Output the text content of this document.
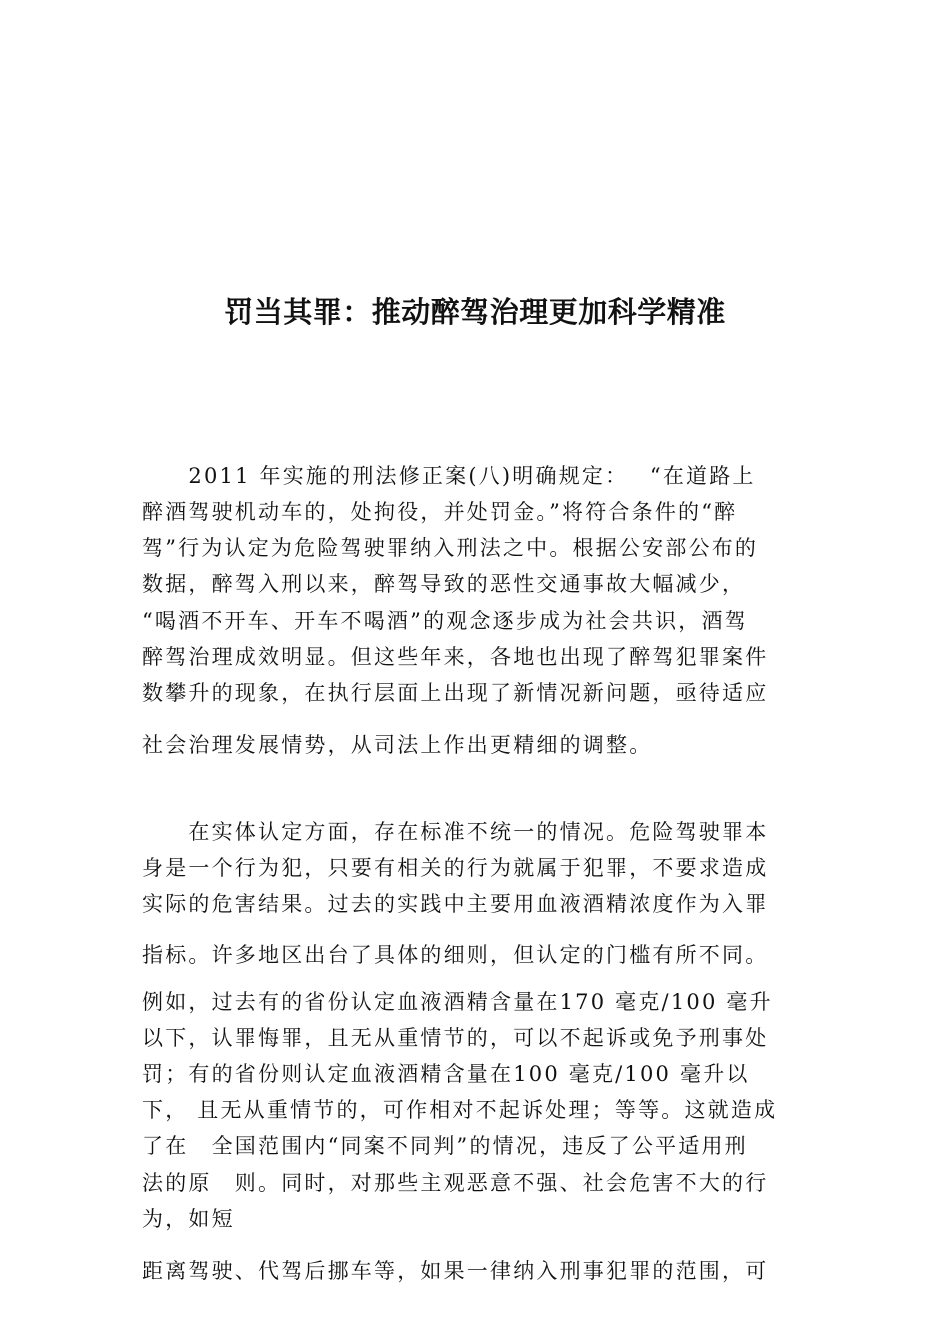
罚当其罪：推动醉驾治理更加科学精准
　　2011 年实施的刑法修正案(八)明确规定：　 “在道路上
醉酒驾驶机动车的，处拘役，并处罚金。”将符合条件的“醉
驾”行为认定为危险驾驶罪纳入刑法之中。根据公安部公布的
数据，醉驾入刑以来，醉驾导致的恶性交通事故大幅减少，
“喝酒不开车、开车不喝酒”的观念逐步成为社会共识，酒驾
醉驾治理成效明显。但这些年来，各地也出现了醉驾犯罪案件
数攀升的现象，在执行层面上出现了新情况新问题，亟待适应
社会治理发展情势，从司法上作出更精细的调整。
　　在实体认定方面，存在标准不统一的情况。危险驾驶罪本
身是一个行为犯，只要有相关的行为就属于犯罪，不要求造成
实际的危害结果。过去的实践中主要用血液酒精浓度作为入罪
指标。许多地区出台了具体的细则，但认定的门槛有所不同。
例如，过去有的省份认定血液酒精含量在170 毫克/100 毫升
以下，认罪悔罪，且无从重情节的，可以不起诉或免予刑事处
罚；有的省份则认定血液酒精含量在100 毫克/100 毫升以
下， 且无从重情节的，可作相对不起诉处理；等等。这就造成
了在　全国范围内“同案不同判”的情况，违反了公平适用刑
法的原　则。同时，对那些主观恶意不强、社会危害不大的行
为，如短
距离驾驶、代驾后挪车等，如果一律纳入刑事犯罪的范围，可
